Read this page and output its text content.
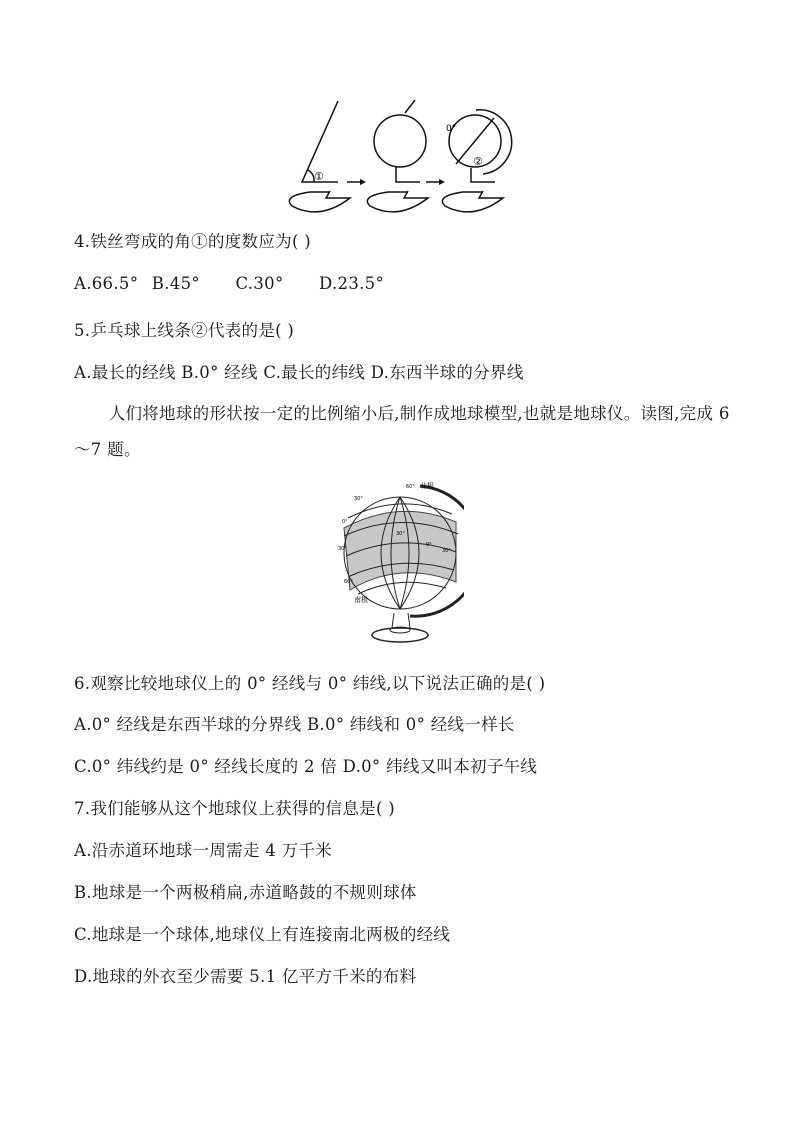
①
②
0°
4.铁丝弯成的角①的度数应为( )
A.66.5° B.45° C.30° D.23.5°
5.乒乓球上线条②代表的是( )
A.最长的经线 B.0° 经线 C.最长的纬线 D.东西半球的分界线
人们将地球的形状按一定的比例缩小后,制作成地球模型,也就是地球仪。读图,完成 6～7 题。
北极
南极
60°
30°
0°
30°
60°
30°
0°
30°
6.观察比较地球仪上的 0° 经线与 0° 纬线,以下说法正确的是( )
A.0° 经线是东西半球的分界线 B.0° 纬线和 0° 经线一样长
C.0° 纬线约是 0° 经线长度的 2 倍 D.0° 纬线又叫本初子午线
7.我们能够从这个地球仪上获得的信息是( )
A.沿赤道环地球一周需走 4 万千米
B.地球是一个两极稍扁,赤道略鼓的不规则球体
C.地球是一个球体,地球仪上有连接南北两极的经线
D.地球的外衣至少需要 5.1 亿平方千米的布料
